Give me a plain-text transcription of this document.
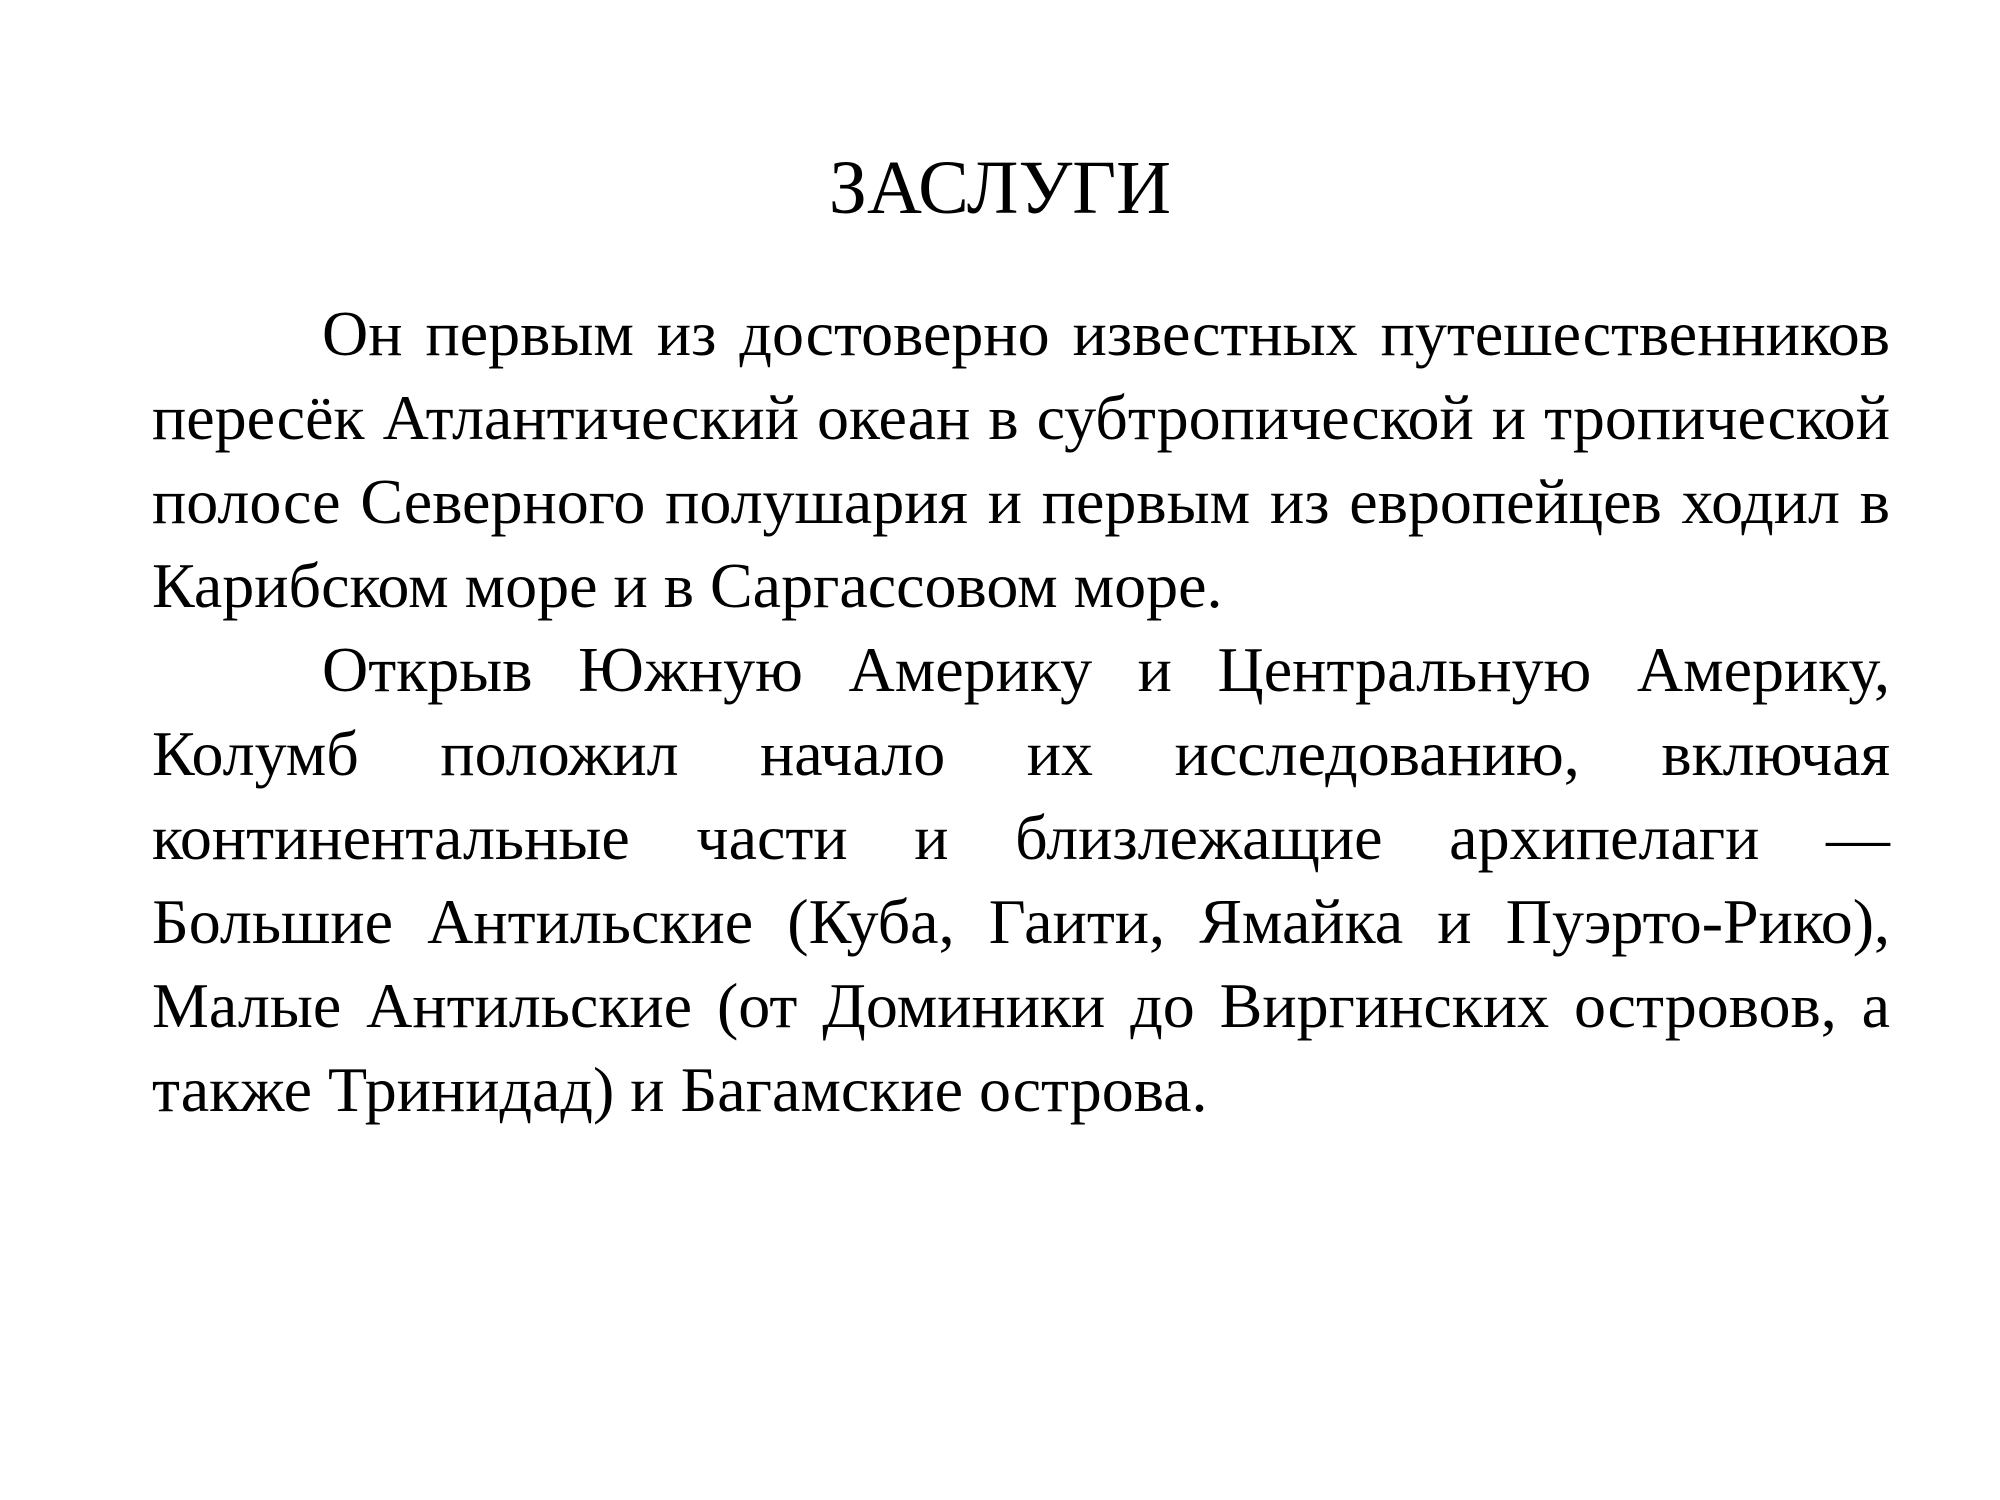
ЗАСЛУГИ

Он первым из достоверно известных путешественников пересёк Атлантический океан в субтропической и тропической полосе Северного полушария и первым из европейцев ходил в Карибском море и в Саргассовом море.

Открыв Южную Америку и Центральную Америку, Колумб положил начало их исследованию, включая континентальные части и близлежащие архипелаги — Большие Антильские (Куба, Гаити, Ямайка и Пуэрто-Рико), Малые Антильские (от Доминики до Виргинских островов, а также Тринидад) и Багамские острова.
